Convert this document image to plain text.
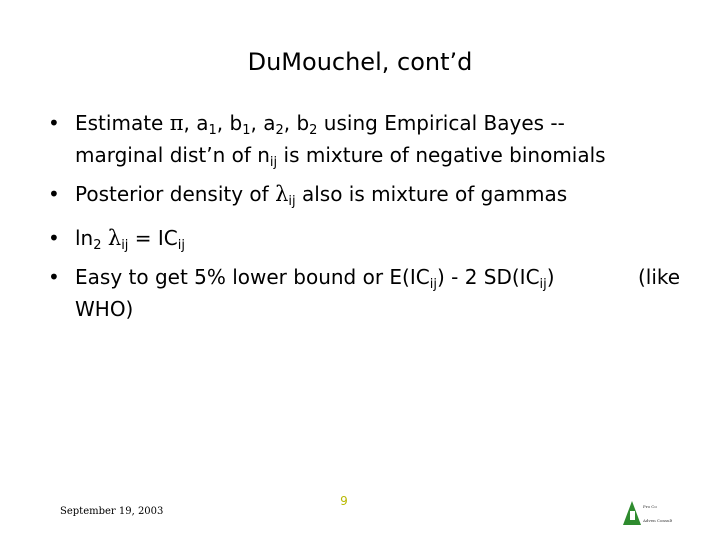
DuMouchel, cont’d
• Estimate π, $a_1$, $b_1$, $a_2$, $b_2$ using Empirical Bayes --
marginal dist’n of $n_{ij}$ is mixture of negative binomials
• Posterior density of $\lambda_{ij}$ also is mixture of gammas
• $\ln_2 \lambda_{ij} = IC_{ij}$
• Easy to get 5% lower bound or $E(IC_{ij}) - 2$ $SD(IC_{ij})$	(like
WHO)
September 19, 2003
9	Pro Co
Adven Consult
